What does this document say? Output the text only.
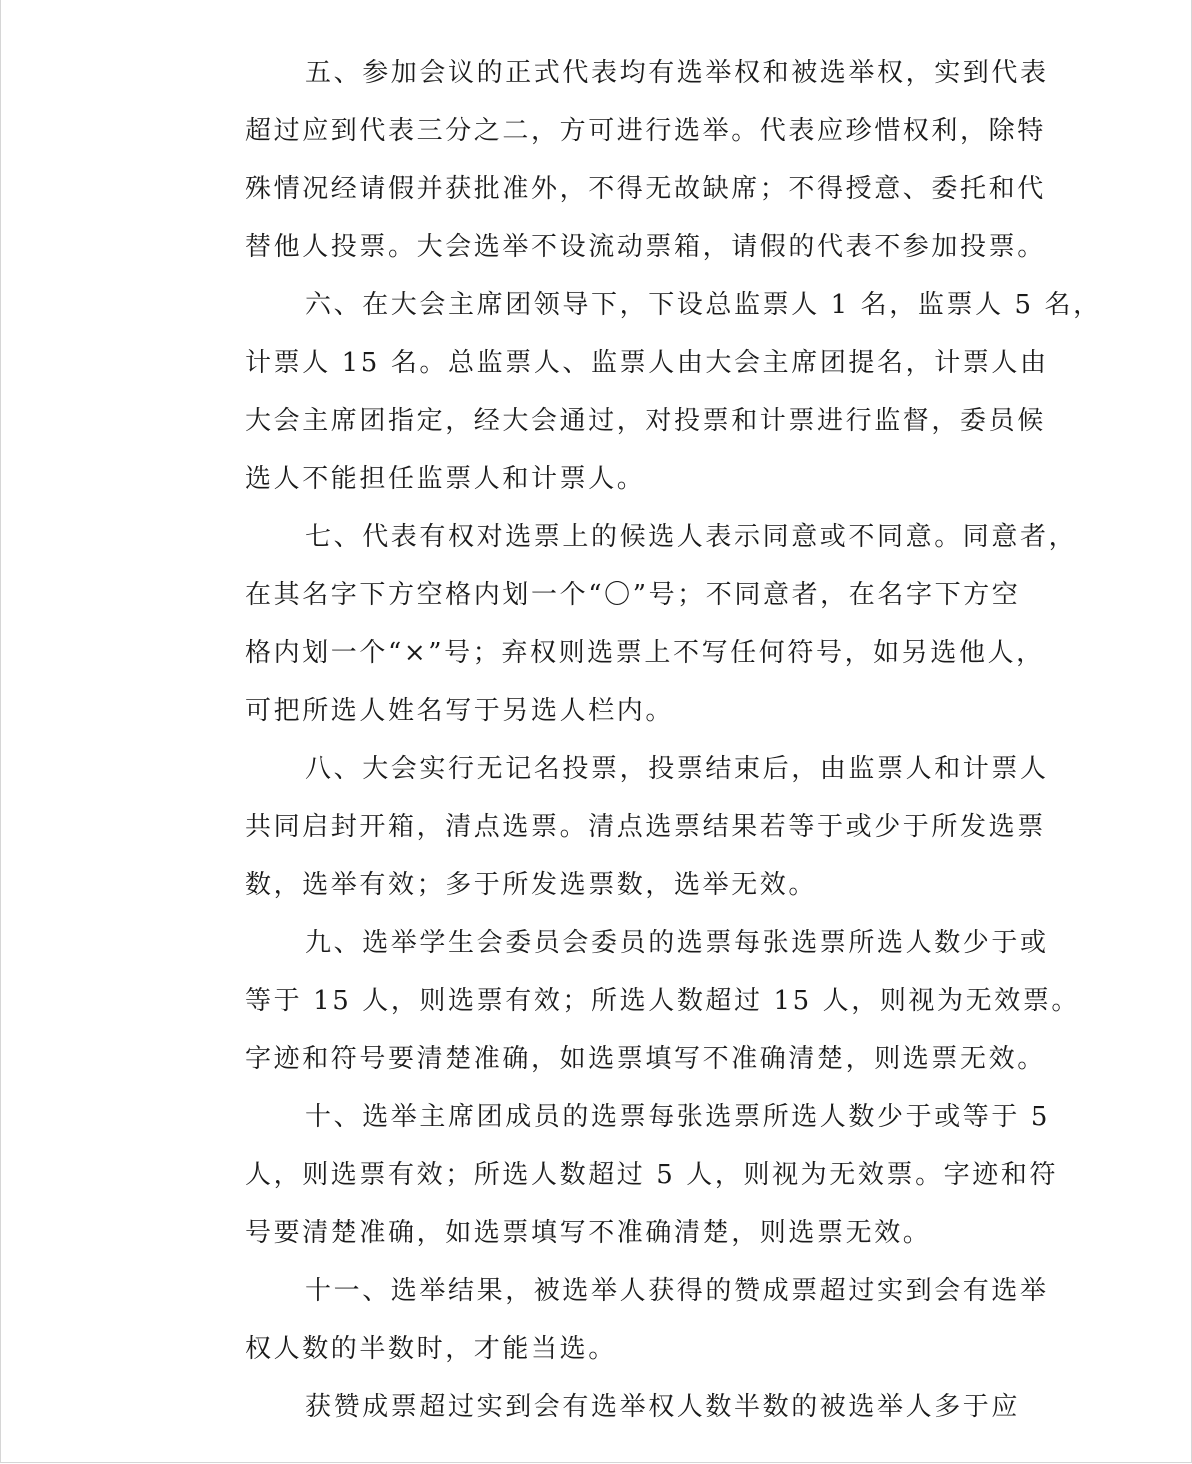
五、参加会议的正式代表均有选举权和被选举权，实到代表
超过应到代表三分之二，方可进行选举。代表应珍惜权利，除特
殊情况经请假并获批准外，不得无故缺席；不得授意、委托和代
替他人投票。大会选举不设流动票箱，请假的代表不参加投票。
六、在大会主席团领导下，下设总监票人 1 名，监票人 5 名，
计票人 15 名。总监票人、监票人由大会主席团提名，计票人由
大会主席团指定，经大会通过，对投票和计票进行监督，委员候
选人不能担任监票人和计票人。
七、代表有权对选票上的候选人表示同意或不同意。同意者，
在其名字下方空格内划一个“〇”号；不同意者，在名字下方空
格内划一个“×”号；弃权则选票上不写任何符号，如另选他人，
可把所选人姓名写于另选人栏内。
八、大会实行无记名投票，投票结束后，由监票人和计票人
共同启封开箱，清点选票。清点选票结果若等于或少于所发选票
数，选举有效；多于所发选票数，选举无效。
九、选举学生会委员会委员的选票每张选票所选人数少于或
等于 15 人，则选票有效；所选人数超过 15 人，则视为无效票。
字迹和符号要清楚准确，如选票填写不准确清楚，则选票无效。
十、选举主席团成员的选票每张选票所选人数少于或等于 5
人，则选票有效；所选人数超过 5 人，则视为无效票。字迹和符
号要清楚准确，如选票填写不准确清楚，则选票无效。
十一、选举结果，被选举人获得的赞成票超过实到会有选举
权人数的半数时，才能当选。
获赞成票超过实到会有选举权人数半数的被选举人多于应
